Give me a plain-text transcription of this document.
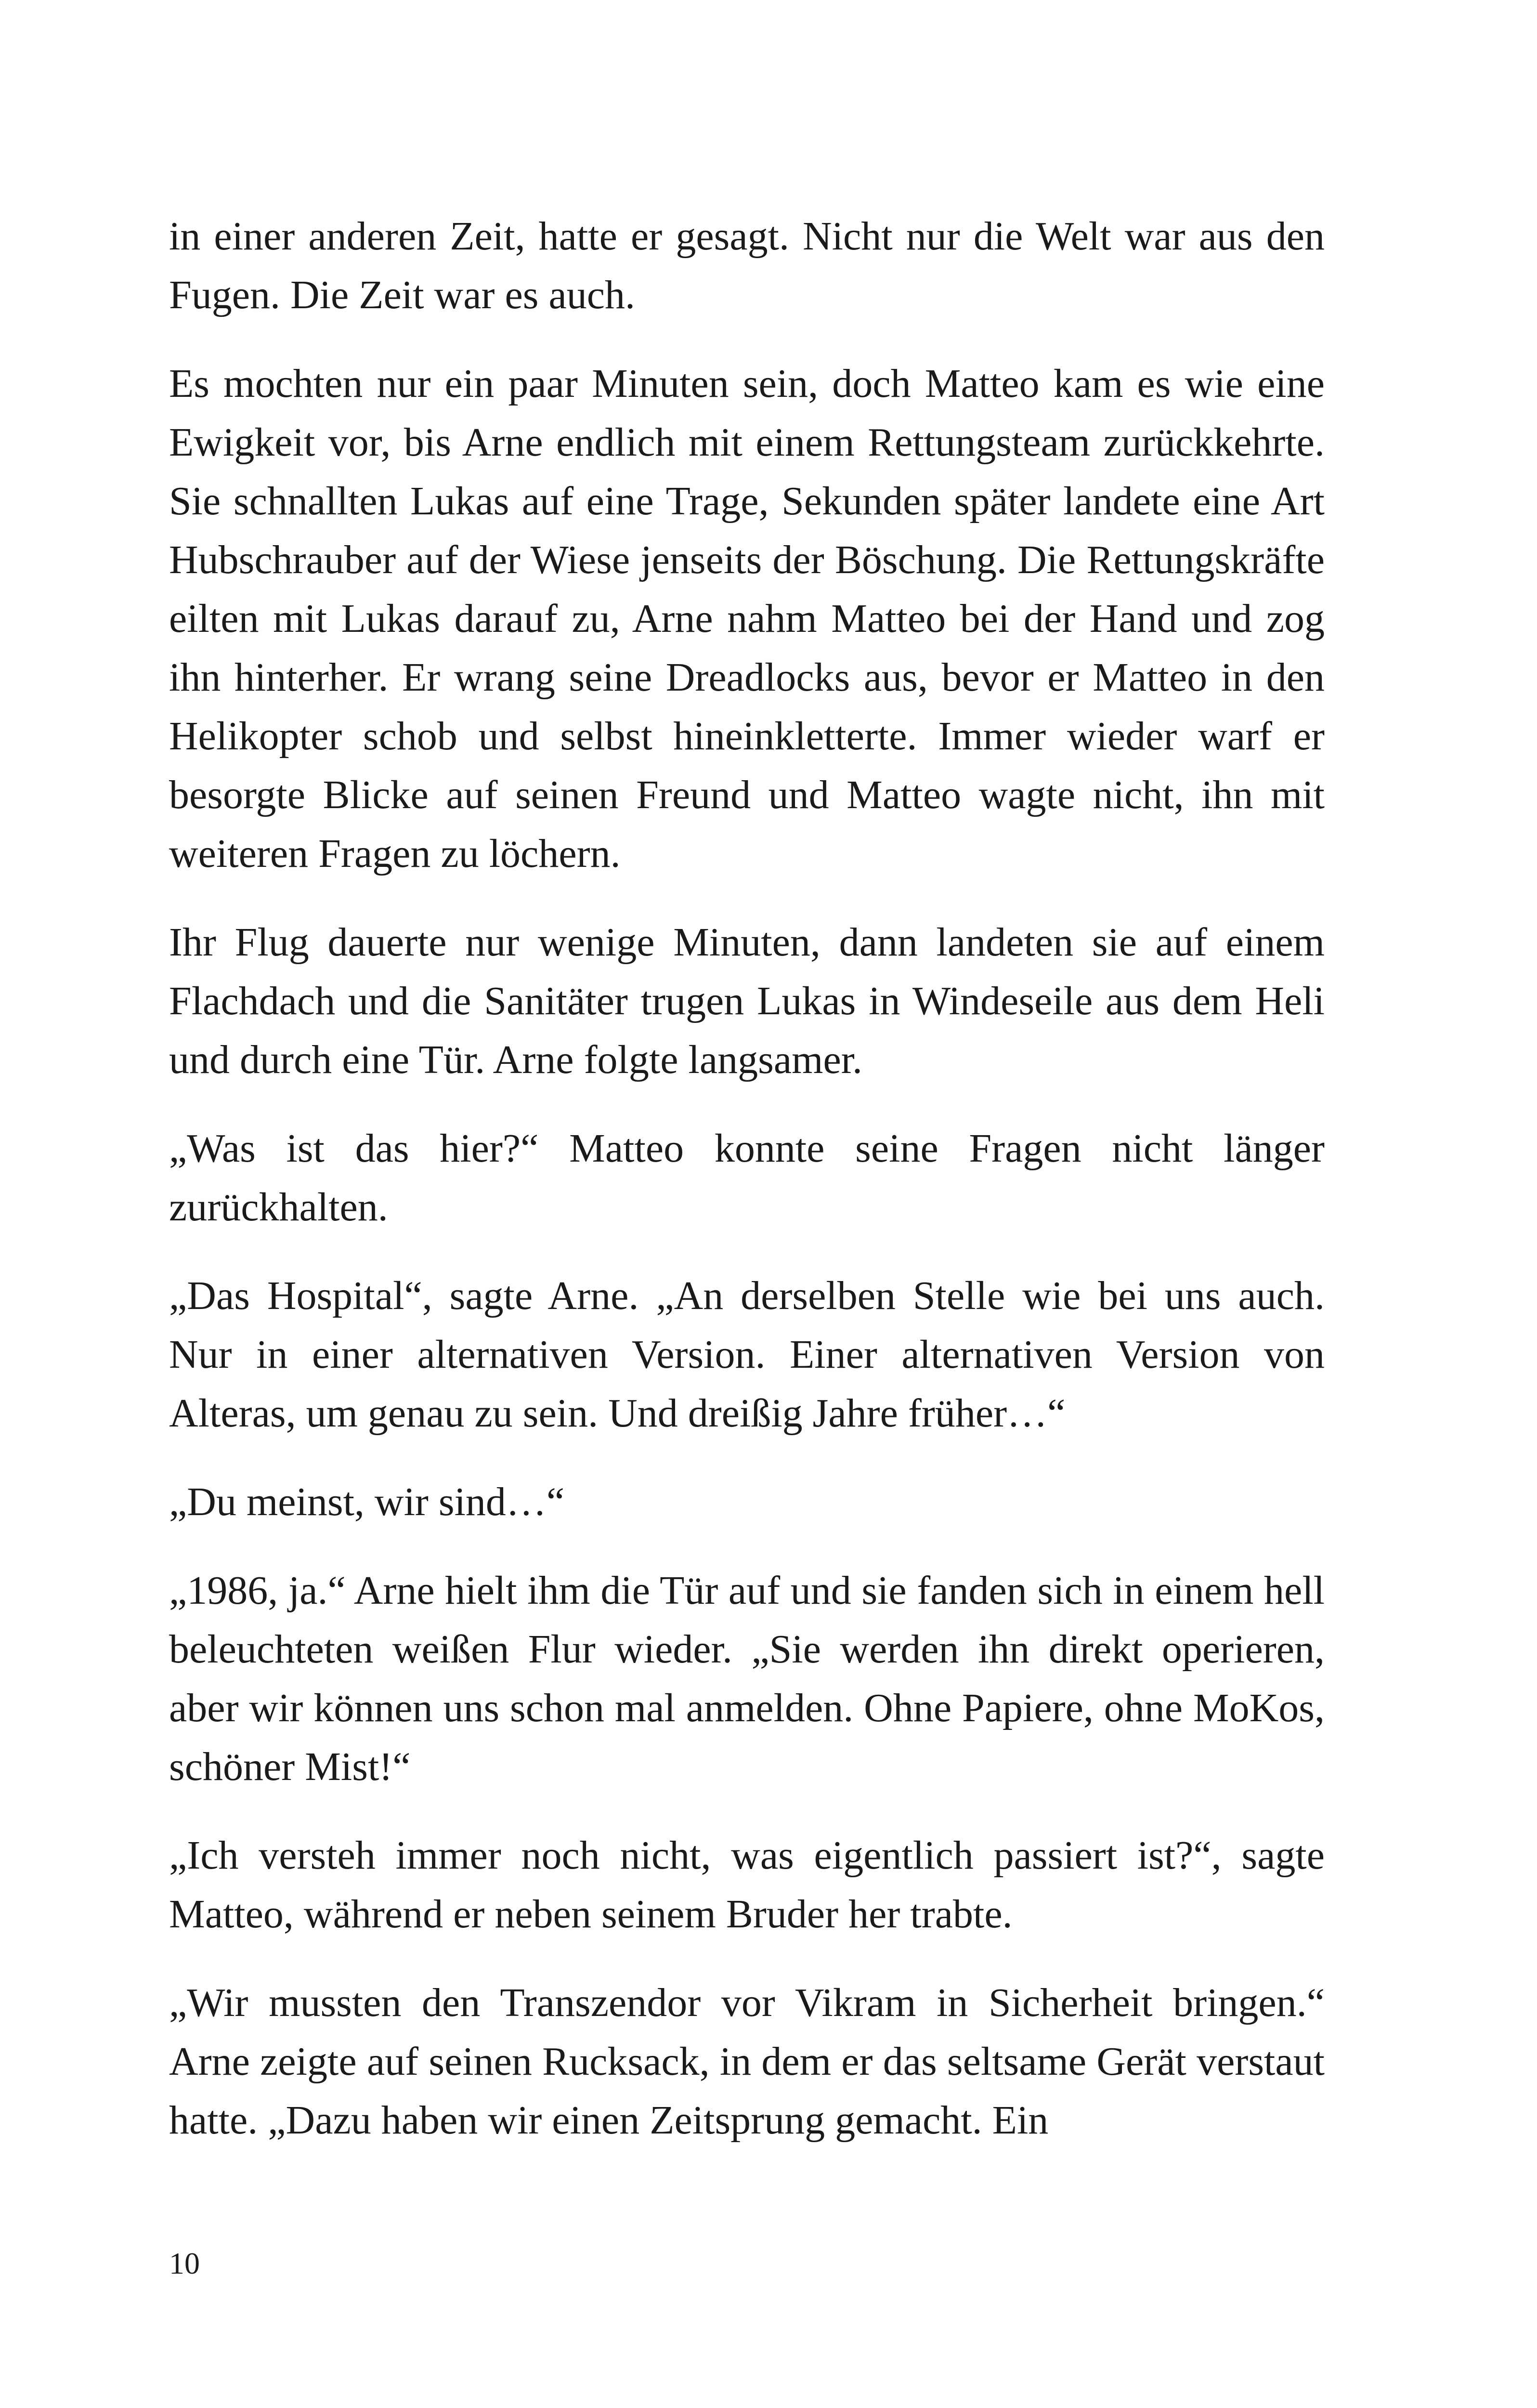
in einer anderen Zeit, hatte er gesagt. Nicht nur die Welt war aus den Fugen. Die Zeit war es auch.

Es mochten nur ein paar Minuten sein, doch Matteo kam es wie eine Ewigkeit vor, bis Arne endlich mit einem Rettungsteam zurückkehrte. Sie schnallten Lukas auf eine Trage, Sekunden später landete eine Art Hubschrauber auf der Wiese jenseits der Böschung. Die Rettungskräfte eilten mit Lukas darauf zu, Arne nahm Matteo bei der Hand und zog ihn hinterher. Er wrang seine Dreadlocks aus, bevor er Matteo in den Helikopter schob und selbst hineinkletterte. Immer wieder warf er besorgte Blicke auf seinen Freund und Matteo wagte nicht, ihn mit weiteren Fragen zu löchern.

Ihr Flug dauerte nur wenige Minuten, dann landeten sie auf einem Flachdach und die Sanitäter trugen Lukas in Windeseile aus dem Heli und durch eine Tür. Arne folgte langsamer.

„Was ist das hier?“ Matteo konnte seine Fragen nicht länger zurückhalten.

„Das Hospital“, sagte Arne. „An derselben Stelle wie bei uns auch. Nur in einer alternativen Version. Einer alternativen Version von Alteras, um genau zu sein. Und dreißig Jahre früher…“

„Du meinst, wir sind…“

„1986, ja.“ Arne hielt ihm die Tür auf und sie fanden sich in einem hell beleuchteten weißen Flur wieder. „Sie werden ihn direkt operieren, aber wir können uns schon mal anmelden. Ohne Papiere, ohne MoKos, schöner Mist!“

„Ich versteh immer noch nicht, was eigentlich passiert ist?“, sagte Matteo, während er neben seinem Bruder her trabte.

„Wir mussten den Transzendor vor Vikram in Sicherheit bringen.“ Arne zeigte auf seinen Rucksack, in dem er das seltsame Gerät verstaut hatte. „Dazu haben wir einen Zeitsprung gemacht. Ein

10
